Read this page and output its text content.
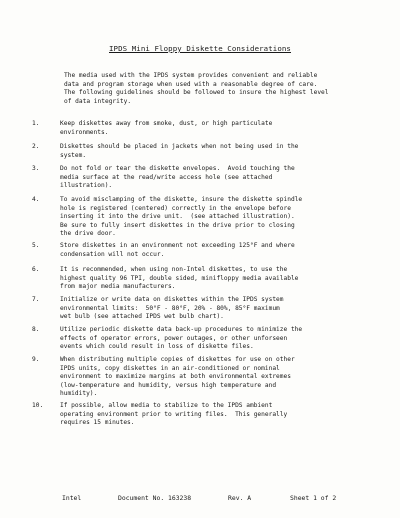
IPDS Mini Floppy Diskette Considerations
The media used with the IPDS system provides convenient and reliable
data and program storage when used with a reasonable degree of care.
The following guidelines should be followed to insure the highest level
of data integrity.
1.	Keep diskettes away from smoke, dust, or high particulate
environments.
2.	Diskettes should be placed in jackets when not being used in the
system.
3.	Do not fold or tear the diskette envelopes.  Avoid touching the
media surface at the read/write access hole (see attached
illustration).
4.	To avoid misclamping of the diskette, insure the diskette spindle
hole is registered (centered) correctly in the envelope before
inserting it into the drive unit.  (see attached illustration).
Be sure to fully insert diskettes in the drive prior to closing
the drive door.
5.	Store diskettes in an environment not exceeding 125°F and where
condensation will not occur.
6.	It is recommended, when using non-Intel diskettes, to use the
highest quality 96 TPI, double sided, minifloppy media available
from major media manufacturers.
7.	Initialize or write data on diskettes within the IPDS system
environmental limits:  50°F - 80°F, 20% - 80%, 85°F maximum
wet bulb (see attached IPDS wet bulb chart).
8.	Utilize periodic diskette data back-up procedures to minimize the
effects of operator errors, power outages, or other unforseen
events which could result in loss of diskette files.
9.	When distributing multiple copies of diskettes for use on other
IPDS units, copy diskettes in an air-conditioned or nominal
environment to maximize margins at both environmental extremes
(low-temperature and humidity, versus high temperature and
humidity).
10.	If possible, allow media to stabilize to the IPDS ambient
operating environment prior to writing files.  This generally
requires 15 minutes.
Intel	Document No. 163238	Rev. A	Sheet 1 of 2
